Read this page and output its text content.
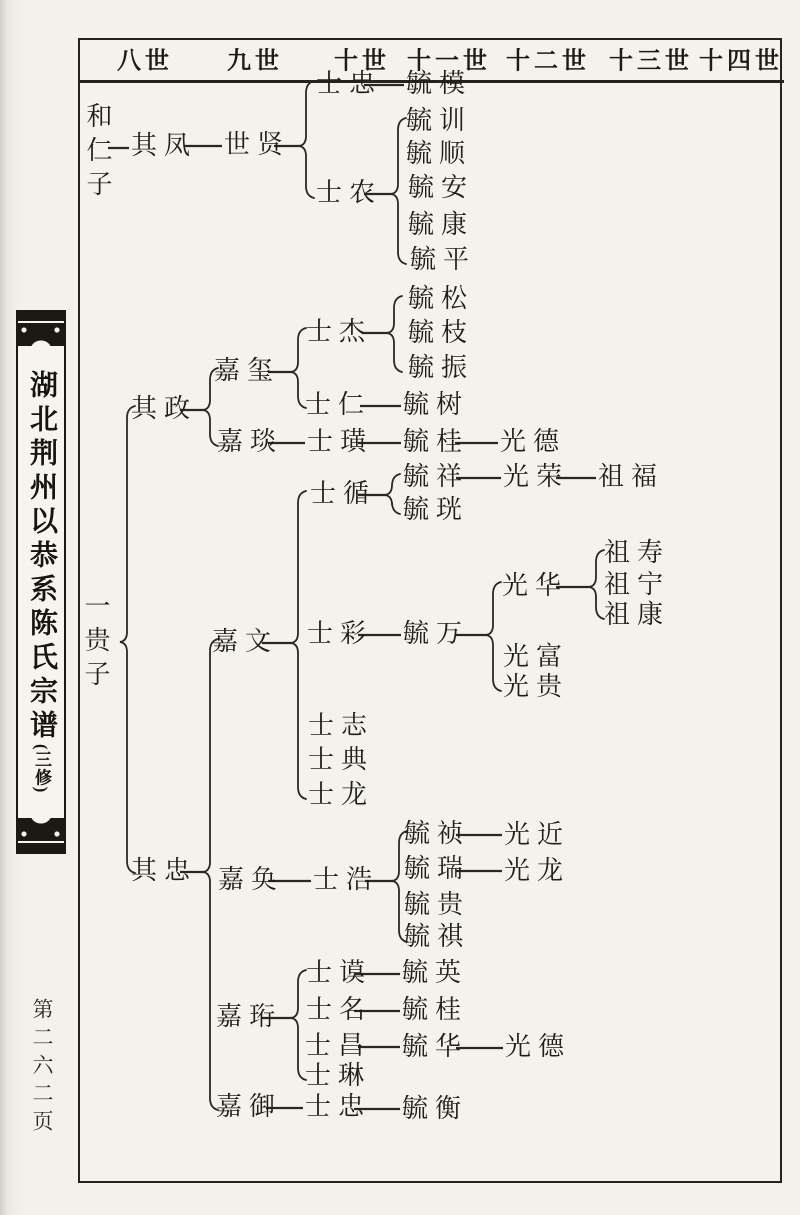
八世 九世 十世 十一世 十二世 十三世 十四世
士忠 毓模
其凤 世贤
士农
毓训
毓顺
毓安
毓康
毓平
毓松
毓枝
毓振
士杰
嘉玺
士仁 毓树
其政
嘉琰 士璜 毓桂 光德
毓祥 光荣 祖福
士循
毓珖
祖寿
祖宁
祖康
光华
士彩 毓万
光富
光贵
嘉文
士志
士典
士龙
其忠
毓祯 光近
毓瑞 光龙
毓贵
毓祺
嘉奂 士浩
士谟 毓英
士名 毓桂
士昌 毓华 光德
士琳
嘉珩
嘉御 士忠 毓衡
和仁子
一贵子
湖北荆州以恭系陈氏宗谱(三修)
第二六二页
